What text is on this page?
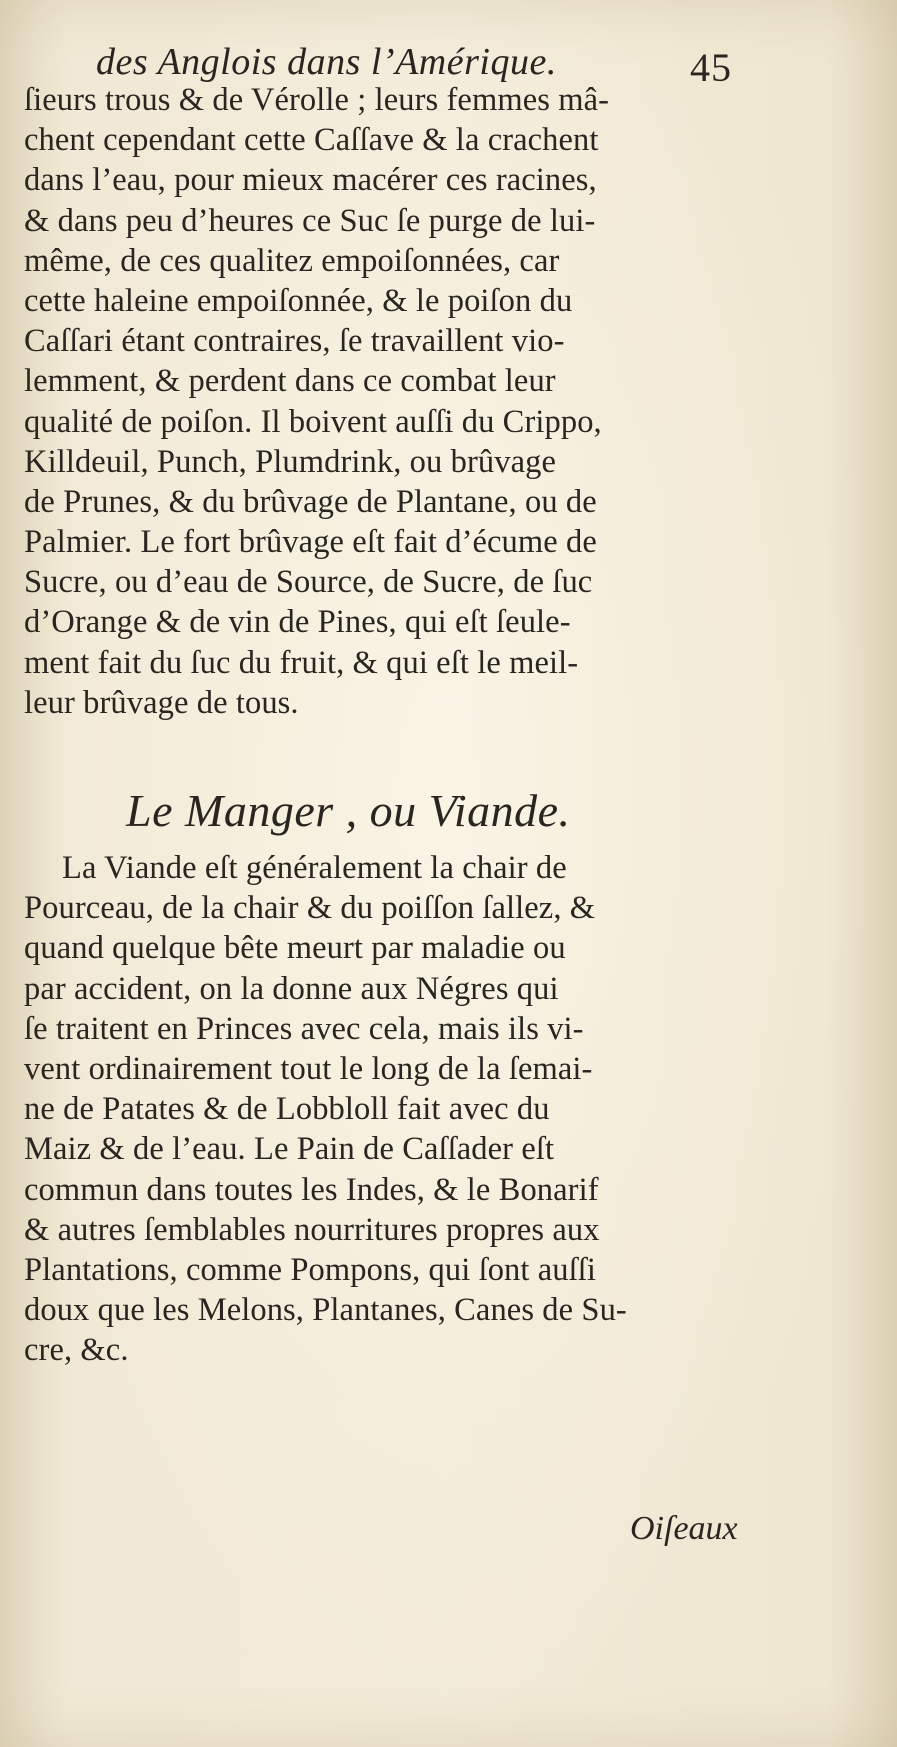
des Anglois dans l’Amérique.	45
ſieurs trous & de Vérolle ; leurs femmes mâ-
chent cependant cette Caſſave & la crachent
dans l’eau, pour mieux macérer ces racines,
& dans peu d’heures ce Suc ſe purge de lui-
même, de ces qualitez empoiſonnées, car
cette haleine empoiſonnée, & le poiſon du
Caſſari étant contraires, ſe travaillent vio-
lemment, & perdent dans ce combat leur
qualité de poiſon. Il boivent auſſi du Crippo,
Killdeuil, Punch, Plumdrink, ou brûvage
de Prunes, & du brûvage de Plantane, ou de
Palmier. Le fort brûvage eſt fait d’écume de
Sucre, ou d’eau de Source, de Sucre, de ſuc
d’Orange & de vin de Pines, qui eſt ſeule-
ment fait du ſuc du fruit, & qui eſt le meil-
leur brûvage de tous.
Le Manger , ou Viande.
La Viande eſt généralement la chair de
Pourceau, de la chair & du poiſſon ſallez, &
quand quelque bête meurt par maladie ou
par accident, on la donne aux Négres qui
ſe traitent en Princes avec cela, mais ils vi-
vent ordinairement tout le long de la ſemai-
ne de Patates & de Lobbloll fait avec du
Maiz & de l’eau. Le Pain de Caſſader eſt
commun dans toutes les Indes, & le Bonarif
& autres ſemblables nourritures propres aux
Plantations, comme Pompons, qui ſont auſſi
doux que les Melons, Plantanes, Canes de Su-
cre, &c.
Oiſeaux
